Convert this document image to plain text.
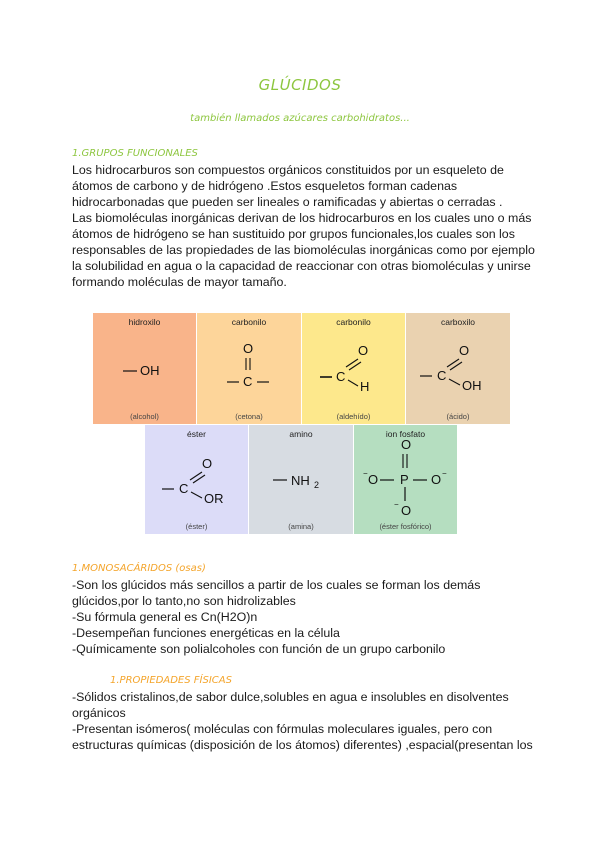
GLÚCIDOS
también llamados azúcares carbohidratos...
1.GRUPOS FUNCIONALES
Los hidrocarburos son compuestos orgánicos constituidos por un esqueleto de
átomos de carbono y de hidrógeno .Estos esqueletos forman cadenas
hidrocarbonadas que pueden ser lineales o ramificadas y abiertas o cerradas .
Las biomoléculas inorgánicas derivan de los hidrocarburos en los cuales uno o más
átomos de hidrógeno se han sustituido por grupos funcionales,los cuales son los
responsables de las propiedades de las biomoléculas inorgánicas como por ejemplo
la solubilidad en agua o la capacidad de reaccionar con otras biomoléculas y unirse
formando moléculas de mayor tamaño.
OH
hidroxilo
(alcohol)
O
C
carbonilo
(cetona)
O
C
H
carbonilo
(aldehído)
O
C
OH
carboxilo
(ácido)
O
C
OR
éster
(éster)
NH 2
amino
(amina)
O
− O P O −
O
−
ion fosfato
(éster fosfórico)
1.MONOSACÁRIDOS (osas)
-Son los glúcidos más sencillos a partir de los cuales se forman los demás
glúcidos,por lo tanto,no son hidrolizables
-Su fórmula general es Cn(H2O)n
-Desempeñan funciones energéticas en la célula
-Químicamente son polialcoholes con función de un grupo carbonilo
1.PROPIEDADES FÍSICAS
-Sólidos cristalinos,de sabor dulce,solubles en agua e insolubles en disolventes
orgánicos
-Presentan isómeros( moléculas con fórmulas moleculares iguales, pero con
estructuras químicas (disposición de los átomos) diferentes) ,espacial(presentan los
